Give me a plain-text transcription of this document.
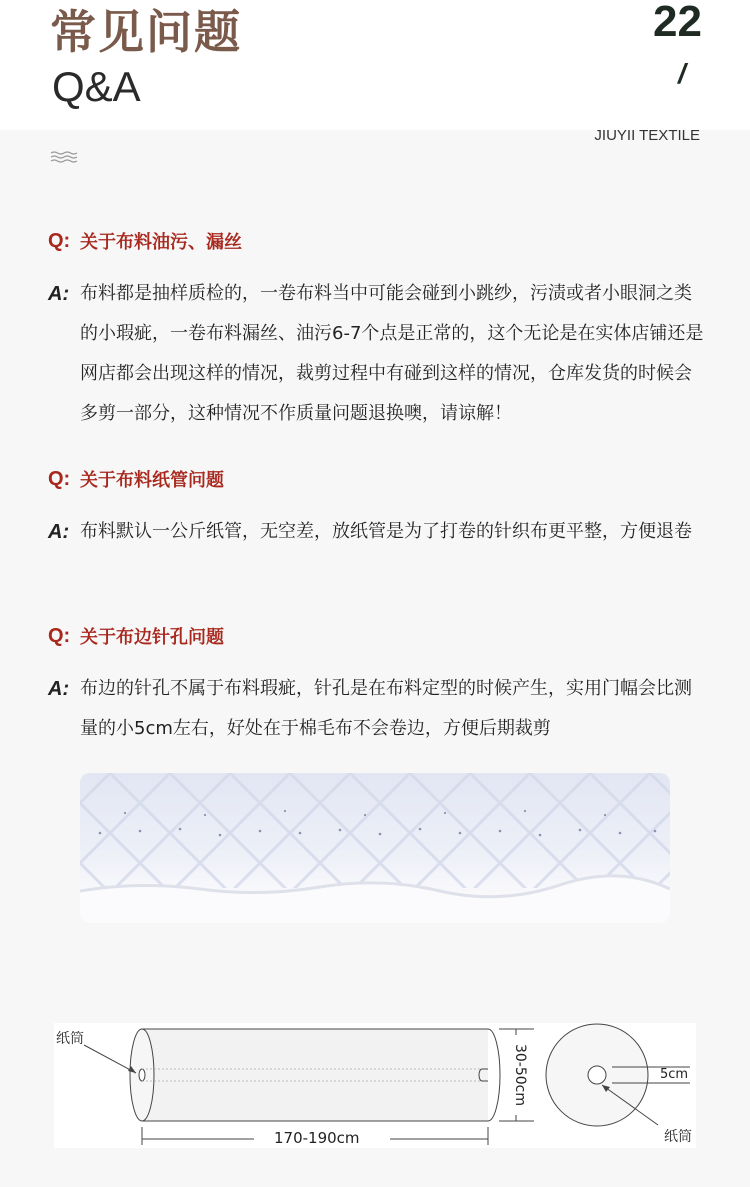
常见问题
Q&A
22
/
JIUYII TEXTILE
Q: 关于布料油污、漏丝
A: 布料都是抽样质检的，一卷布料当中可能会碰到小跳纱，污渍或者小眼洞之类的小瑕疵，一卷布料漏丝、油污6-7个点是正常的，这个无论是在实体店铺还是网店都会出现这样的情况，裁剪过程中有碰到这样的情况，仓库发货的时候会多剪一部分，这种情况不作质量问题退换噢，请谅解！
Q: 关于布料纸管问题
A: 布料默认一公斤纸管，无空差，放纸管是为了打卷的针织布更平整，方便退卷
Q: 关于布边针孔问题
A: 布边的针孔不属于布料瑕疵，针孔是在布料定型的时候产生，实用门幅会比测量的小5cm左右，好处在于棉毛布不会卷边，方便后期裁剪
纸筒
170-190cm
30-50cm	5cm
纸筒
